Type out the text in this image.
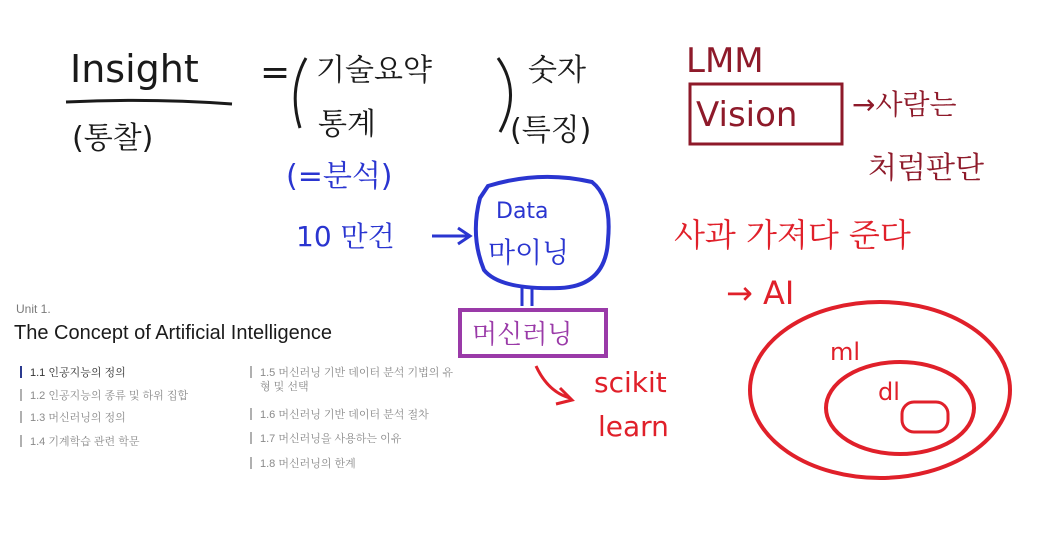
Insight
(통찰)
= 기술요약
통계
숫자
(특징)
(=분석)
10 만건
Data
마이닝
머신러닝
scikit
learn
LMM
Vision →사람는
처럼판단
사과 가져다 준다
→ AI
ml
dl
Unit 1.
The Concept of Artificial Intelligence
1.1 인공지능의 정의
1.2 인공지능의 종류 및 하위 집합
1.3 머신러닝의 정의
1.4 기계학습 관련 학문
1.5 머신러닝 기반 데이터 분석 기법의 유형 및 선택
1.6 머신러닝 기반 데이터 분석 절차
1.7 머신러닝을 사용하는 이유
1.8 머신러닝의 한계
